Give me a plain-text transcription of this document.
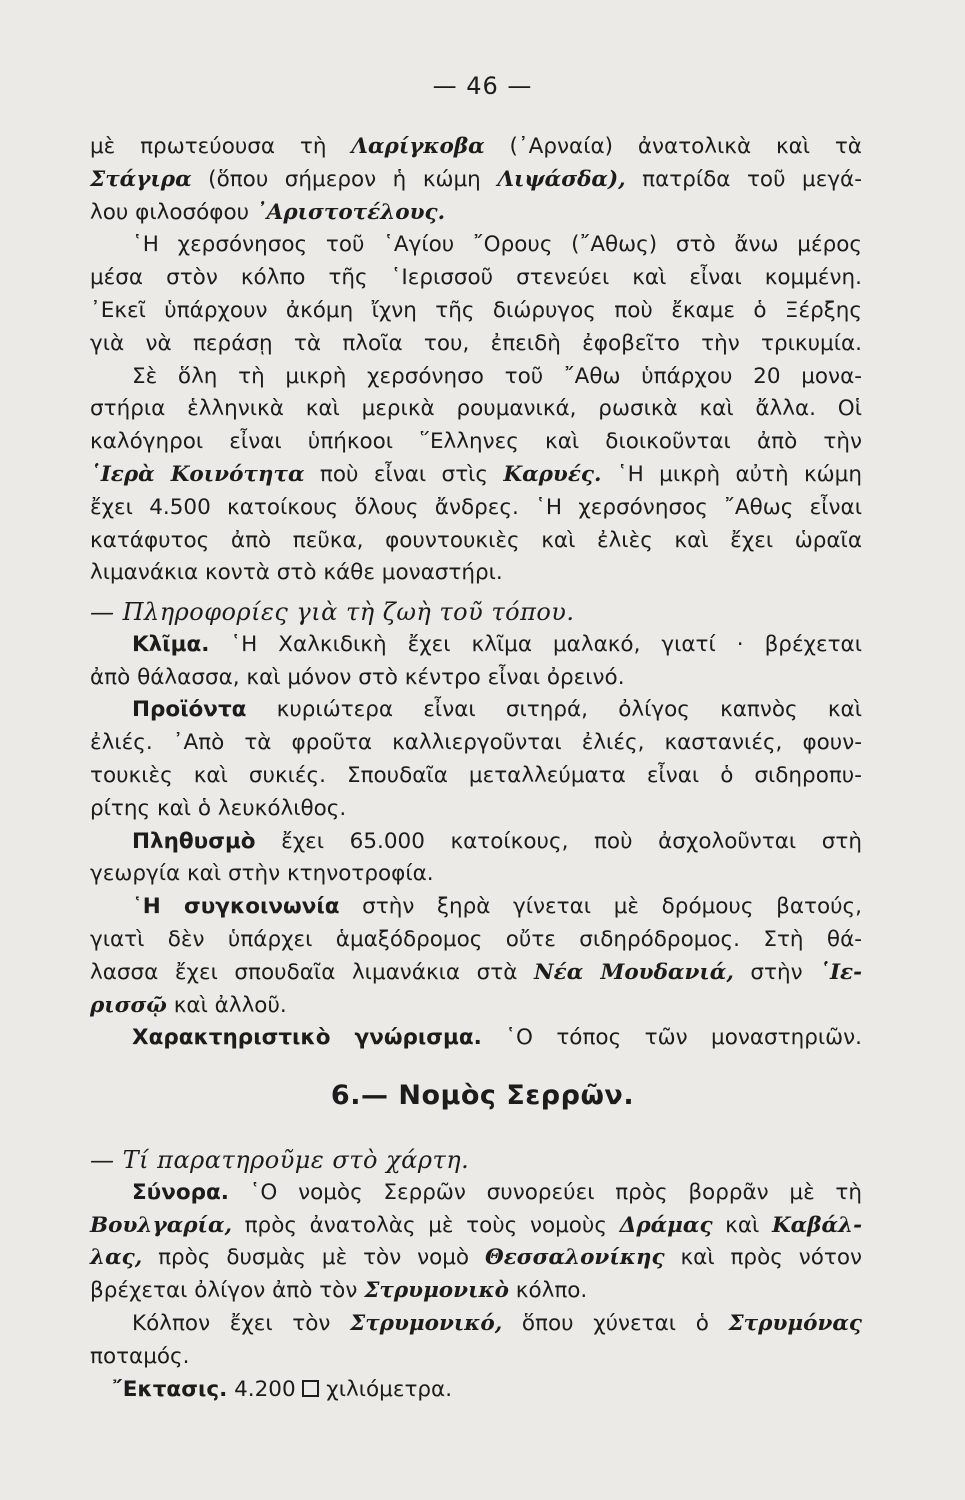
— 46 —
μὲ πρωτεύουσα τὴ Λαρίγκοβα (᾿Αρναία) ἀνατολικὰ καὶ τὰ
Στάγιρα (ὅπου σήμερον ἡ κώμη Λιψάσδα), πατρίδα τοῦ μεγά-
λου φιλοσόφου ᾿Αριστοτέλους.
῾Η χερσόνησος τοῦ ῾Αγίου ῎Ορους (῎Αθως) στὸ ἄνω μέρος
μέσα στὸν κόλπο τῆς ῾Ιερισσοῦ στενεύει καὶ εἶναι κομμένη.
᾿Εκεῖ ὑπάρχουν ἀκόμη ἴχνη τῆς διώρυγος ποὺ ἔκαμε ὁ Ξέρξης
γιὰ νὰ περάσῃ τὰ πλοῖα του, ἐπειδὴ ἐφοβεῖτο τὴν τρικυμία.
Σὲ ὅλη τὴ μικρὴ χερσόνησο τοῦ ῎Αθω ὑπάρχου 20 μονα-
στήρια ἑλληνικὰ καὶ μερικὰ ρουμανικά, ρωσικὰ καὶ ἄλλα. Οἱ
καλόγηροι εἶναι ὑπήκοοι ῞Ελληνες καὶ διοικοῦνται ἀπὸ τὴν
῾Ιερὰ Κοινότητα ποὺ εἶναι στὶς Καρυές. ῾Η μικρὴ αὐτὴ κώμη
ἔχει 4.500 κατοίκους ὅλους ἄνδρες. ῾Η χερσόνησος ῎Αθως εἶναι
κατάφυτος ἀπὸ πεῦκα, φουντουκιὲς καὶ ἐλιὲς καὶ ἔχει ὡραῖα
λιμανάκια κοντὰ στὸ κάθε μοναστήρι.
— Πληροφορίες γιὰ τὴ ζωὴ τοῦ τόπου.
Κλῖμα. ῾Η Χαλκιδικὴ ἔχει κλῖμα μαλακό, γιατί · βρέχεται
ἀπὸ θάλασσα, καὶ μόνον στὸ κέντρο εἶναι ὀρεινό.
Προϊόντα κυριώτερα εἶναι σιτηρά, ὀλίγος καπνὸς καὶ
ἐλιές. ᾿Απὸ τὰ φροῦτα καλλιεργοῦνται ἐλιές, καστανιές, φουν-
τουκιὲς καὶ συκιές. Σπουδαῖα μεταλλεύματα εἶναι ὁ σιδηροπυ-
ρίτης καὶ ὁ λευκόλιθος.
Πληθυσμὸ ἔχει 65.000 κατοίκους, ποὺ ἀσχολοῦνται στὴ
γεωργία καὶ στὴν κτηνοτροφία.
῾Η συγκοινωνία στὴν ξηρὰ γίνεται μὲ δρόμους βατούς,
γιατὶ δὲν ὑπάρχει ἁμαξόδρομος οὔτε σιδηρόδρομος. Στὴ θά-
λασσα ἔχει σπουδαῖα λιμανάκια στὰ Νέα Μουδανιά, στὴν ῾Ιε-
ρισσῷ καὶ ἀλλοῦ.
Χαρακτηριστικὸ γνώρισμα. ῾Ο τόπος τῶν μοναστηριῶν.
6.— Νομὸς Σερρῶν.
— Τί παρατηροῦμε στὸ χάρτη.
Σύνορα. ῾Ο νομὸς Σερρῶν συνορεύει πρὸς βορρᾶν μὲ τὴ
Βουλγαρία, πρὸς ἀνατολὰς μὲ τοὺς νομοὺς Δράμας καὶ Καβάλ-
λας, πρὸς δυσμὰς μὲ τὸν νομὸ Θεσσαλονίκης καὶ πρὸς νότον
βρέχεται ὀλίγον ἀπὸ τὸν Στρυμονικὸ κόλπο.
Κόλπον ἔχει τὸν Στρυμονικό, ὅπου χύνεται ὁ Στρυμόνας
ποταμός.
῎Εκτασις. 4.200  χιλιόμετρα.
